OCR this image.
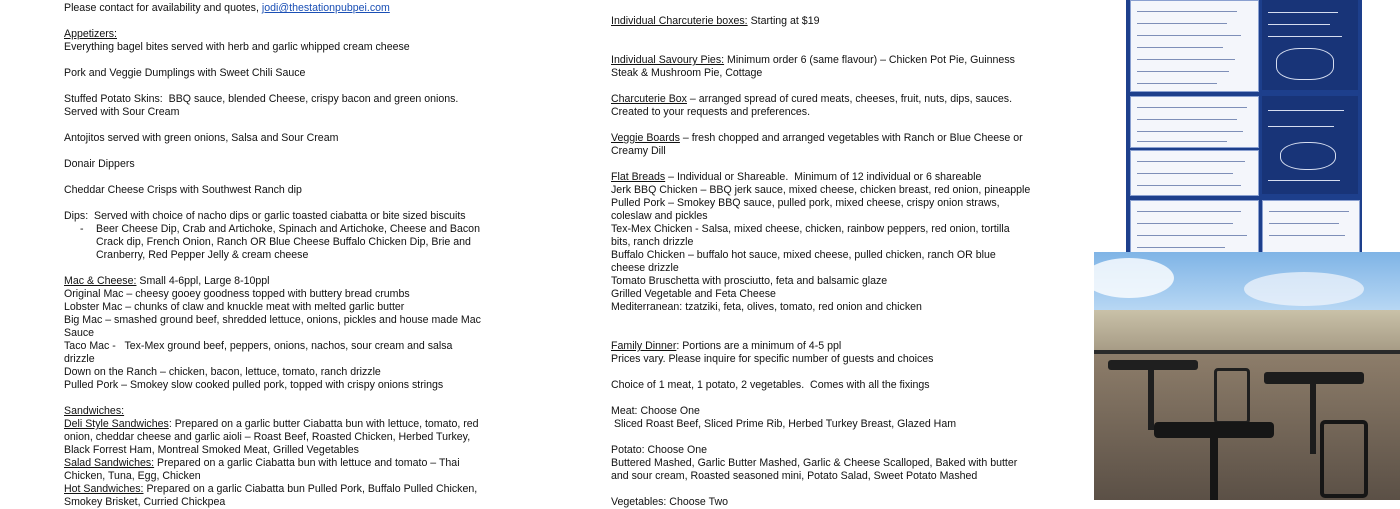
Please contact for availability and quotes, jodi@thestationpubpei.com

Appetizers:

Everything bagel bites served with herb and garlic whipped cream cheese

Pork and Veggie Dumplings with Sweet Chili Sauce

Stuffed Potato Skins:  BBQ sauce, blended Cheese, crispy bacon and green onions. Served with Sour Cream

Antojitos served with green onions, Salsa and Sour Cream

Donair Dippers

Cheddar Cheese Crisps with Southwest Ranch dip

Dips:  Served with choice of nacho dips or garlic toasted ciabatta or bite sized biscuits

- Beer Cheese Dip, Crab and Artichoke, Spinach and Artichoke, Cheese and Bacon Crack dip, French Onion, Ranch OR Blue Cheese Buffalo Chicken Dip, Brie and Cranberry, Red Pepper Jelly & cream cheese

Mac & Cheese: Small 4-6ppl, Large 8-10ppl

Original Mac – cheesy gooey goodness topped with buttery bread crumbs

Lobster Mac – chunks of claw and knuckle meat with melted garlic butter

Big Mac – smashed ground beef, shredded lettuce, onions, pickles and house made Mac Sauce

Taco Mac -   Tex-Mex ground beef, peppers, onions, nachos, sour cream and salsa drizzle

Down on the Ranch – chicken, bacon, lettuce, tomato, ranch drizzle

Pulled Pork – Smokey slow cooked pulled pork, topped with crispy onions strings

Sandwiches:

Deli Style Sandwiches: Prepared on a garlic butter Ciabatta bun with lettuce, tomato, red onion, cheddar cheese and garlic aioli – Roast Beef, Roasted Chicken, Herbed Turkey, Black Forrest Ham, Montreal Smoked Meat, Grilled Vegetables

Salad Sandwiches: Prepared on a garlic Ciabatta bun with lettuce and tomato – Thai Chicken, Tuna, Egg, Chicken

Hot Sandwiches: Prepared on a garlic Ciabatta bun Pulled Pork, Buffalo Pulled Chicken, Smokey Brisket, Curried Chickpea

Individual Charcuterie boxes: Starting at $19

Individual Savoury Pies: Minimum order 6 (same flavour) – Chicken Pot Pie, Guinness Steak & Mushroom Pie, Cottage

Charcuterie Box – arranged spread of cured meats, cheeses, fruit, nuts, dips, sauces.  Created to your requests and preferences.

Veggie Boards – fresh chopped and arranged vegetables with Ranch or Blue Cheese or Creamy Dill

Flat Breads – Individual or Shareable.  Minimum of 12 individual or 6 shareable

Jerk BBQ Chicken – BBQ jerk sauce, mixed cheese, chicken breast, red onion, pineapple

Pulled Pork – Smokey BBQ sauce, pulled pork, mixed cheese, crispy onion straws, coleslaw and pickles

Tex-Mex Chicken - Salsa, mixed cheese, chicken, rainbow peppers, red onion, tortilla bits, ranch drizzle

Buffalo Chicken – buffalo hot sauce, mixed cheese, pulled chicken, ranch OR blue cheese drizzle

Tomato Bruschetta with prosciutto, feta and balsamic glaze

Grilled Vegetable and Feta Cheese

Mediterranean: tzatziki, feta, olives, tomato, red onion and chicken

Family Dinner: Portions are a minimum of 4-5 ppl

Prices vary. Please inquire for specific number of guests and choices

Choice of 1 meat, 1 potato, 2 vegetables.  Comes with all the fixings

Meat: Choose One

Sliced Roast Beef, Sliced Prime Rib, Herbed Turkey Breast, Glazed Ham

Potato: Choose One

Buttered Mashed, Garlic Butter Mashed, Garlic & Cheese Scalloped, Baked with butter and sour cream, Roasted seasoned mini, Potato Salad, Sweet Potato Mashed

Vegetables: Choose Two
